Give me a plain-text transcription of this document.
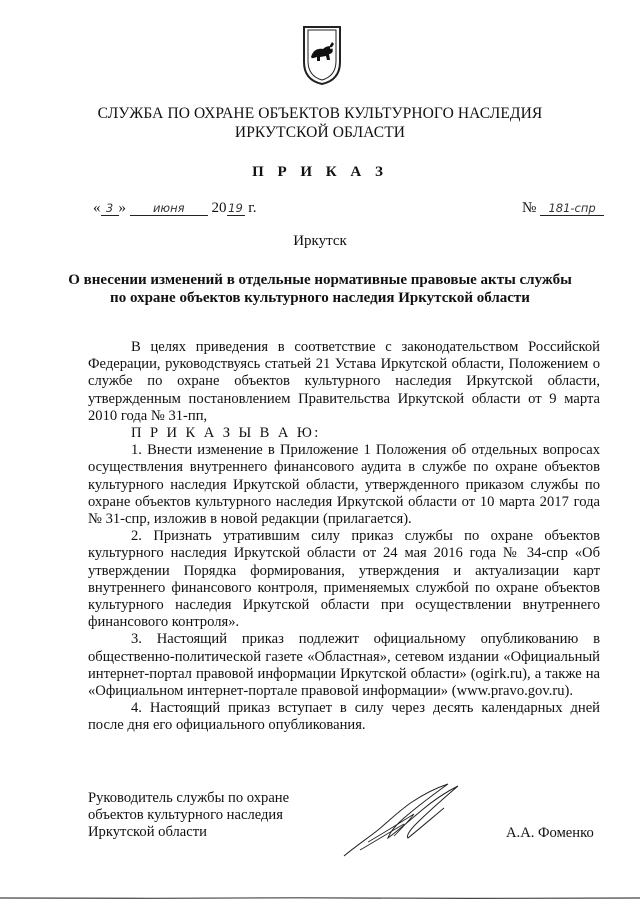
СЛУЖБА ПО ОХРАНЕ ОБЪЕКТОВ КУЛЬТУРНОГО НАСЛЕДИЯ
ИРКУТСКОЙ ОБЛАСТИ
П Р И К А З
« 3 » июня 20 19 г.	№ 181-спр
Иркутск
О внесении изменений в отдельные нормативные правовые акты службы
по охране объектов культурного наследия Иркутской области

В целях приведения в соответствие с законодательством Российской Федерации, руководствуясь статьей 21 Устава Иркутской области, Положением о службе по охране объектов культурного наследия Иркутской области, утвержденным постановлением Правительства Иркутской области от 9 марта 2010 года № 31-пп,

П Р И К А З Ы В А Ю:

1. Внести изменение в Приложение 1 Положения об отдельных вопросах осуществления внутреннего финансового аудита в службе по охране объектов культурного наследия Иркутской области, утвержденного приказом службы по охране объектов культурного наследия Иркутской области от 10 марта 2017 года № 31-спр, изложив в новой редакции (прилагается).

2. Признать утратившим силу приказ службы по охране объектов культурного наследия Иркутской области от 24 мая 2016 года № 34-спр «Об утверждении Порядка формирования, утверждения и актуализации карт внутреннего финансового контроля, применяемых службой по охране объектов культурного наследия Иркутской области при осуществлении внутреннего финансового контроля».

3. Настоящий приказ подлежит официальному опубликованию в общественно-политической газете «Областная», сетевом издании «Официальный интернет-портал правовой информации Иркутской области» (ogirk.ru), а также на «Официальном интернет-портале правовой информации» (www.pravo.gov.ru).

4. Настоящий приказ вступает в силу через десять календарных дней после дня его официального опубликования.

Руководитель службы по охране
объектов культурного наследия
Иркутской области	А.А. Фоменко
